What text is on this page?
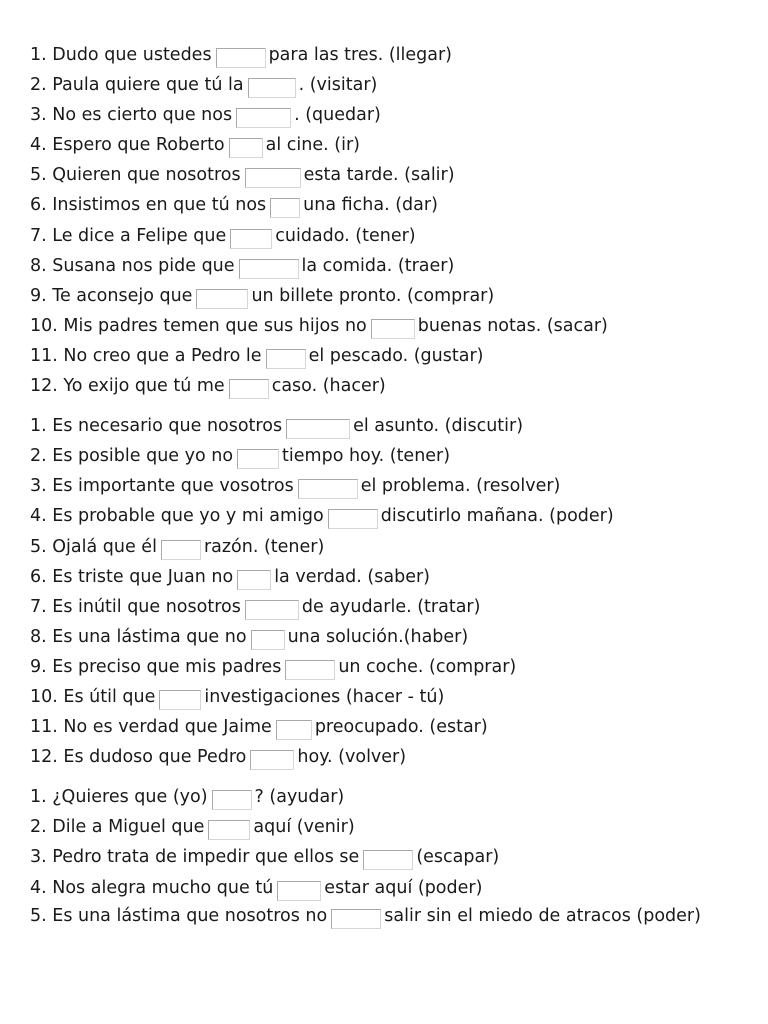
1. Dudo que ustedes	para las tres. (llegar)
2. Paula quiere que tú la	. (visitar)
3. No es cierto que nos	. (quedar)
4. Espero que Roberto al cine. (ir)
5. Quieren que nosotros	esta tarde. (salir)
6. Insistimos en que tú nos una ficha. (dar)
7. Le dice a Felipe que	cuidado. (tener)
8. Susana nos pide que	la comida. (traer)
9. Te aconsejo que	un billete pronto. (comprar)
10. Mis padres temen que sus hijos no	buenas notas. (sacar)
11. No creo que a Pedro le	el pescado. (gustar)
12. Yo exijo que tú me	caso. (hacer)
1. Es necesario que nosotros	el asunto. (discutir)
2. Es posible que yo no	tiempo hoy. (tener)
3. Es importante que vosotros	el problema. (resolver)
4. Es probable que yo y mi amigo	discutirlo mañana. (poder)
5. Ojalá que él	razón. (tener)
6. Es triste que Juan no la verdad. (saber)
7. Es inútil que nosotros	de ayudarle. (tratar)
8. Es una lástima que no una solución.(haber)
9. Es preciso que mis padres	un coche. (comprar)
10. Es útil que	investigaciones (hacer - tú)
11. No es verdad que Jaime preocupado. (estar)
12. Es dudoso que Pedro	hoy. (volver)
1. ¿Quieres que (yo)	? (ayudar)
2. Dile a Miguel que	aquí (venir)
3. Pedro trata de impedir que ellos se	(escapar)
4. Nos alegra mucho que tú	estar aquí (poder)
5. Es una lástima que nosotros no	salir sin el miedo de atracos (poder)
